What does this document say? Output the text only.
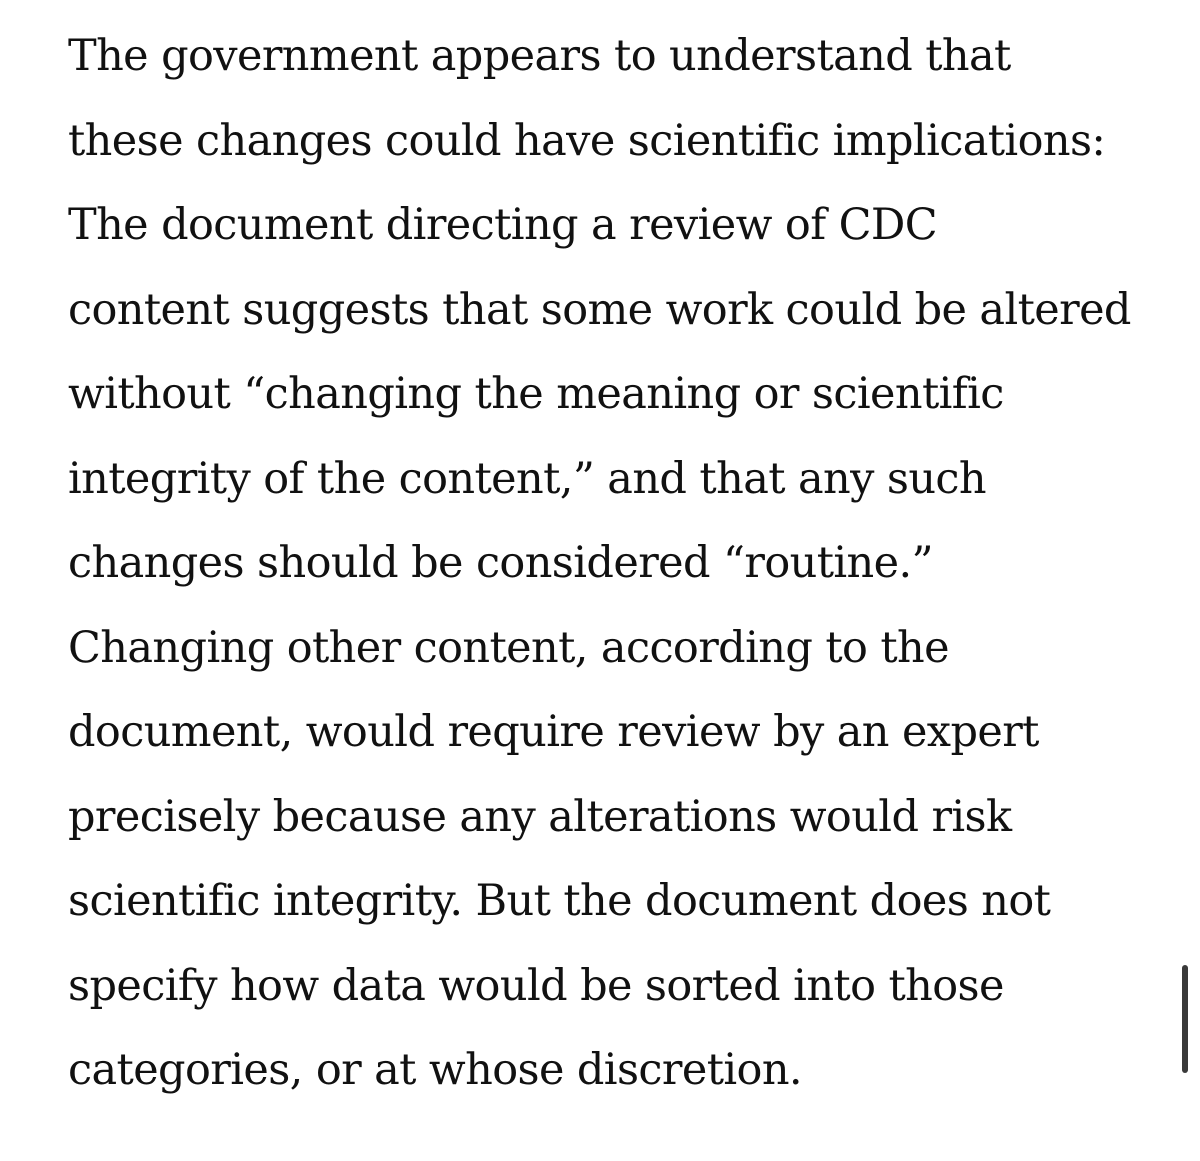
The government appears to understand that
these changes could have scientific implications:
The document directing a review of CDC
content suggests that some work could be altered
without “changing the meaning or scientific
integrity of the content,” and that any such
changes should be considered “routine.”
Changing other content, according to the
document, would require review by an expert
precisely because any alterations would risk
scientific integrity. But the document does not
specify how data would be sorted into those
categories, or at whose discretion.
